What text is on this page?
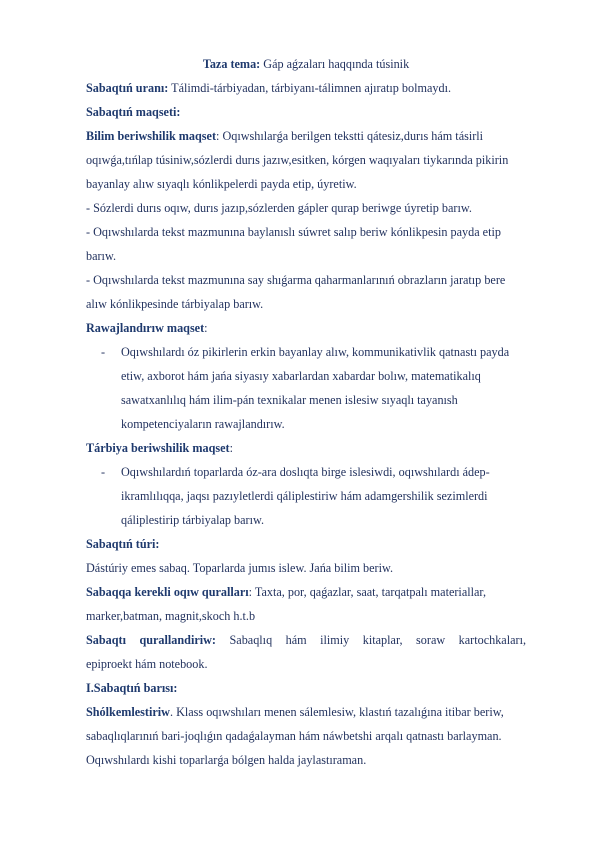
Taza tema: Gáp aǵzaları haqqında túsinik

Sabaqtıń uranı: Tálimdi-tárbiyadan, tárbiyanı-tálimnen ajıratıp bolmaydı.

Sabaqtıń maqseti:

Bilim beriwshilik maqset: Oqıwshılarǵa berilgen tekstti qátesiz,durıs hám tásirli oqıwǵa,tıńlap túsiniw,sózlerdi durıs jazıw,esitken, kórgen waqıyaları tiykarında pikirin bayanlay alıw sıyaqlı kónlikpelerdi payda etip, úyretiw.

- Sózlerdi durıs oqıw, durıs jazıp,sózlerden gápler qurap beriwge úyretip barıw.

- Oqıwshılarda tekst mazmunına baylanıslı súwret salıp beriw kónlikpesin payda etip barıw.

- Oqıwshılarda tekst mazmunına say shıǵarma qaharmanlarınıń obrazların jaratıp bere alıw kónlikpesinde tárbiyalap barıw.

Rawajlandırıw maqset:

- Oqıwshılardı óz pikirlerin erkin bayanlay alıw, kommunikativlik qatnastı payda etiw, axborot hám jańa siyasıy xabarlardan xabardar bolıw, matematikalıq sawatxanlılıq hám ilim-pán texnikalar menen islesiw sıyaqlı tayanısh kompetenciyaların rawajlandırıw.

Tárbiya beriwshilik maqset:

- Oqıwshılardıń toparlarda óz-ara doslıqta birge islesiwdi, oqıwshılardı ádep-ikramlılıqqa, jaqsı pazıyletlerdi qáliplestiriw hám adamgershilik sezimlerdi qáliplestirip tárbiyalap barıw.

Sabaqtıń túri:

Dástúriy emes sabaq. Toparlarda jumıs islew. Jańa bilim beriw.

Sabaqqa kerekli oqıw quralları: Taxta, por, qaǵazlar, saat, tarqatpalı materiallar, marker,batman, magnit,skoch h.t.b

Sabaqtı qurallandiriw: Sabaqlıq hám ilimiy kitaplar, soraw kartochkaları,

epiproekt hám notebook.

I.Sabaqtıń barısı:

Shólkemlestiriw. Klass oqıwshıları menen sálemlesiw, klastıń tazalıǵına itibar beriw, sabaqlıqlarınıń bari-joqlıǵın qadaǵalayman hám náwbetshi arqalı qatnastı barlayman. Oqıwshılardı kishi toparlarǵa bólgen halda jaylastıraman.
